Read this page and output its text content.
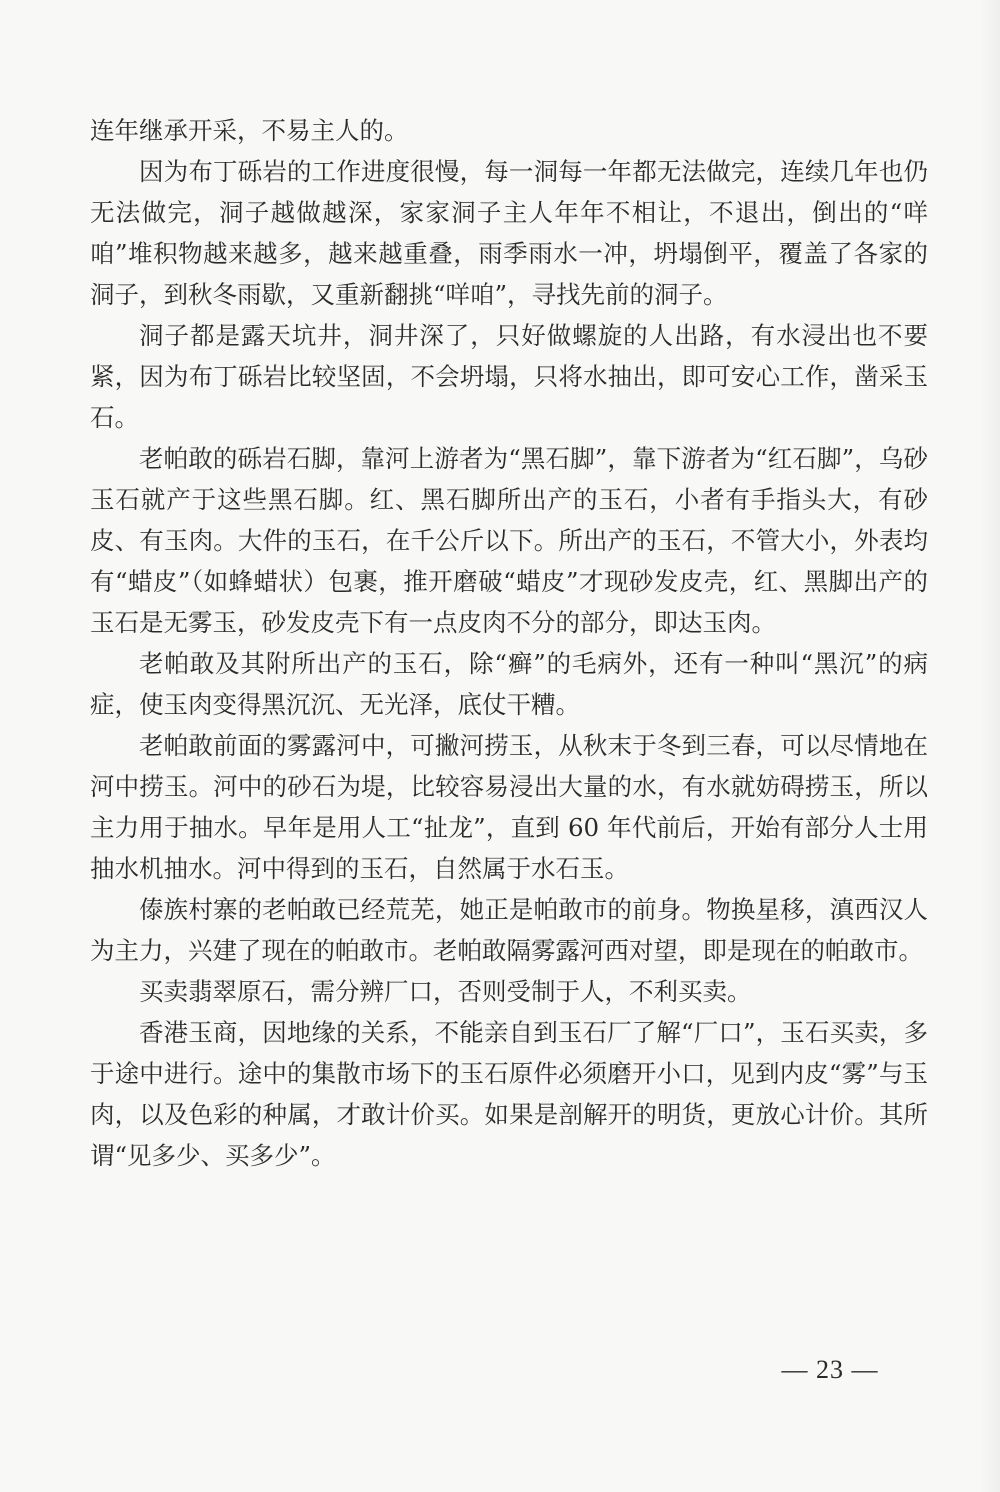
连年继承开采，不易主人的。

因为布丁砾岩的工作进度很慢，每一洞每一年都无法做完，连续几年也仍无法做完，洞子越做越深，家家洞子主人年年不相让，不退出，倒出的“咩咱”堆积物越来越多，越来越重叠，雨季雨水一冲，坍塌倒平，覆盖了各家的洞子，到秋冬雨歇，又重新翻挑“咩咱”，寻找先前的洞子。

洞子都是露天坑井，洞井深了，只好做螺旋的人出路，有水浸出也不要紧，因为布丁砾岩比较坚固，不会坍塌，只将水抽出，即可安心工作，凿采玉石。

老帕敢的砾岩石脚，靠河上游者为“黑石脚”，靠下游者为“红石脚”，乌砂玉石就产于这些黑石脚。红、黑石脚所出产的玉石，小者有手指头大，有砂皮、有玉肉。大件的玉石，在千公斤以下。所出产的玉石，不管大小，外表均有“蜡皮”（如蜂蜡状）包裹，推开磨破“蜡皮”才现砂发皮壳，红、黑脚出产的玉石是无雾玉，砂发皮壳下有一点皮肉不分的部分，即达玉肉。

老帕敢及其附所出产的玉石，除“癣”的毛病外，还有一种叫“黑沉”的病症，使玉肉变得黑沉沉、无光泽，底仗干糟。

老帕敢前面的雾露河中，可撇河捞玉，从秋末于冬到三春，可以尽情地在河中捞玉。河中的砂石为堤，比较容易浸出大量的水，有水就妨碍捞玉，所以主力用于抽水。早年是用人工“扯龙”，直到 60 年代前后，开始有部分人士用抽水机抽水。河中得到的玉石，自然属于水石玉。

傣族村寨的老帕敢已经荒芜，她正是帕敢市的前身。物换星移，滇西汉人为主力，兴建了现在的帕敢市。老帕敢隔雾露河西对望，即是现在的帕敢市。

买卖翡翠原石，需分辨厂口，否则受制于人，不利买卖。

香港玉商，因地缘的关系，不能亲自到玉石厂了解“厂口”，玉石买卖，多于途中进行。途中的集散市场下的玉石原件必须磨开小口，见到内皮“雾”与玉肉，以及色彩的种属，才敢计价买。如果是剖解开的明货，更放心计价。其所谓“见多少、买多少”。

— 23 —
